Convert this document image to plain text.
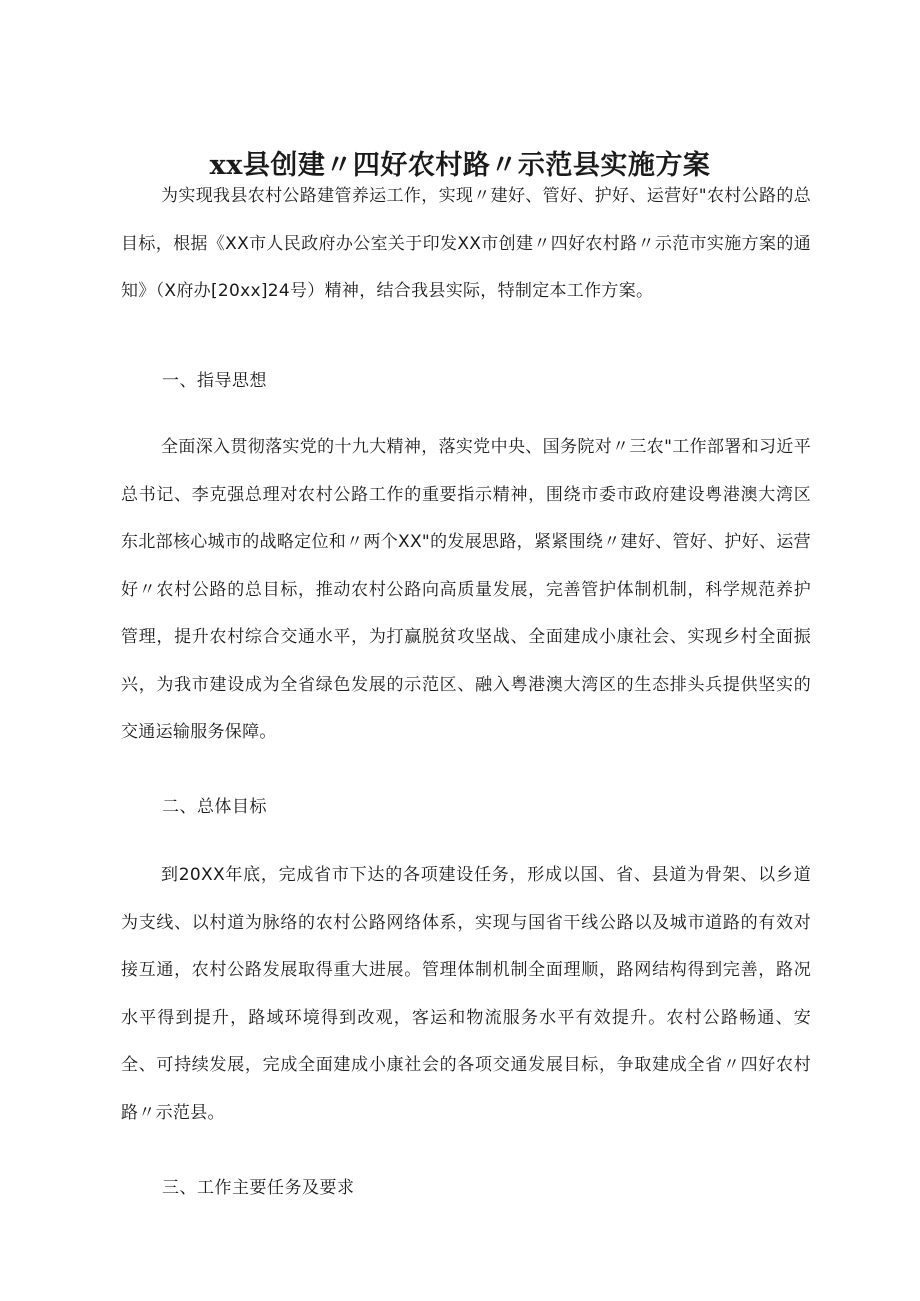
xx县创建〃四好农村路〃示范县实施方案

为实现我县农村公路建管养运工作，实现〃建好、管好、护好、运营好"农村公路的总目标，根据《XX市人民政府办公室关于印发XX市创建〃四好农村路〃示范市实施方案的通知》（X府办[20xx]24号）精神，结合我县实际，特制定本工作方案。

一、指导思想

全面深入贯彻落实党的十九大精神，落实党中央、国务院对〃三农"工作部署和习近平总书记、李克强总理对农村公路工作的重要指示精神，围绕市委市政府建设粤港澳大湾区东北部核心城市的战略定位和〃两个XX"的发展思路，紧紧围绕〃建好、管好、护好、运营好〃农村公路的总目标，推动农村公路向高质量发展，完善管护体制机制，科学规范养护管理，提升农村综合交通水平，为打赢脱贫攻坚战、全面建成小康社会、实现乡村全面振兴，为我市建设成为全省绿色发展的示范区、融入粤港澳大湾区的生态排头兵提供坚实的交通运输服务保障。

二、总体目标

到20XX年底，完成省市下达的各项建设任务，形成以国、省、县道为骨架、以乡道为支线、以村道为脉络的农村公路网络体系，实现与国省干线公路以及城市道路的有效对接互通，农村公路发展取得重大进展。管理体制机制全面理顺，路网结构得到完善，路况水平得到提升，路域环境得到改观，客运和物流服务水平有效提升。农村公路畅通、安全、可持续发展，完成全面建成小康社会的各项交通发展目标，争取建成全省〃四好农村路〃示范县。

三、工作主要任务及要求
